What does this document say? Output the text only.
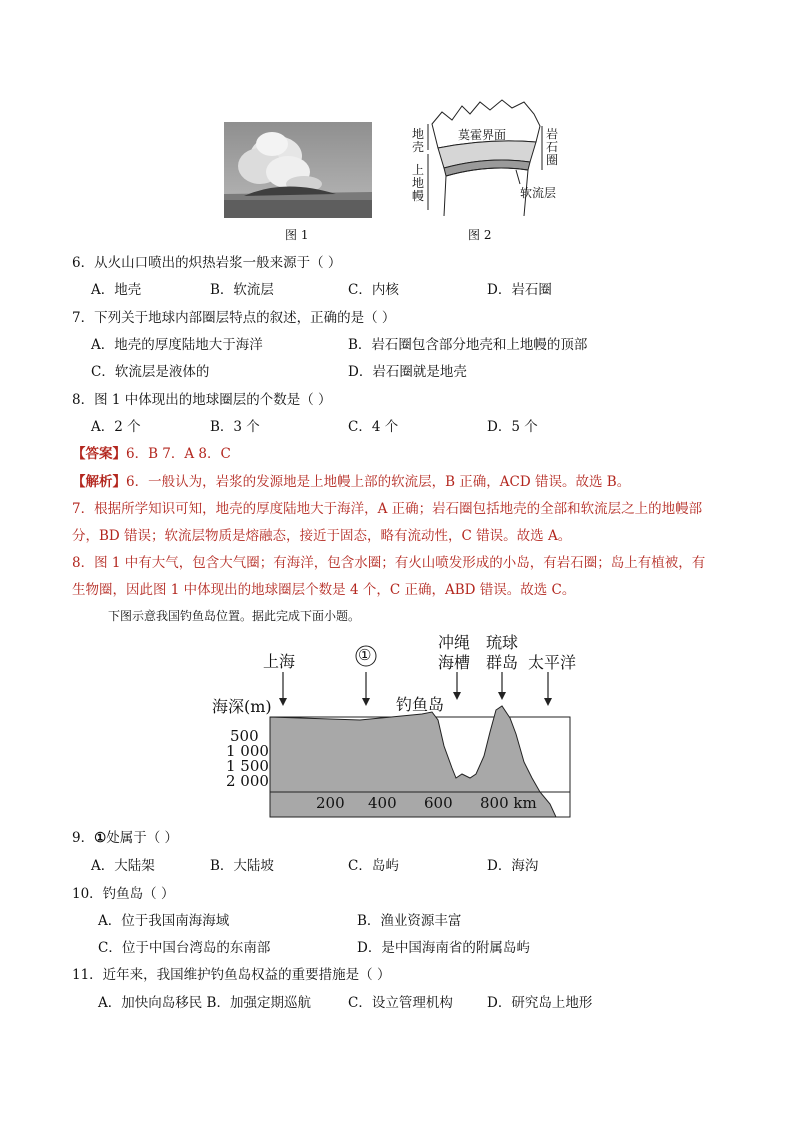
图 1
莫霍界面
地壳
上地幔
岩石圈
软流层
图 2
6．从火山口喷出的炽热岩浆一般来源于（ ）
A．地壳	B．软流层	C．内核	D．岩石圈
7．下列关于地球内部圈层特点的叙述，正确的是（ ）
A．地壳的厚度陆地大于海洋	B．岩石圈包含部分地壳和上地幔的顶部
C．软流层是液体的	D．岩石圈就是地壳
8．图 1 中体现出的地球圈层的个数是（ ）
A．2 个	B．3 个	C．4 个	D．5 个
【答案】6．B 7．A 8．C
【解析】6．一般认为，岩浆的发源地是上地幔上部的软流层，B 正确，ACD 错误。故选 B。
7．根据所学知识可知，地壳的厚度陆地大于海洋，A 正确；岩石圈包括地壳的全部和软流层之上的地幔部
分，BD 错误；软流层物质是熔融态，接近于固态，略有流动性，C 错误。故选 A。
8．图 1 中有大气，包含大气圈；有海洋，包含水圈；有火山喷发形成的小岛，有岩石圈；岛上有植被，有
生物圈，因此图 1 中体现出的地球圈层个数是 4 个，C 正确，ABD 错误。故选 C。
下图示意我国钓鱼岛位置。据此完成下面小题。
上海	①
冲绳
海槽
琉球
群岛 太平洋
海深(m)	钓鱼岛
500
1 000
1 500
2 000
200 400 600 800 km
9．①处属于（ ）
A．大陆架	B．大陆坡	C．岛屿	D．海沟
10．钓鱼岛（ ）
A．位于我国南海海域	B．渔业资源丰富
C．位于中国台湾岛的东南部	D．是中国海南省的附属岛屿
11．近年来，我国维护钓鱼岛权益的重要措施是（ ）
A．加快向岛移民 B．加强定期巡航	C．设立管理机构	D．研究岛上地形
